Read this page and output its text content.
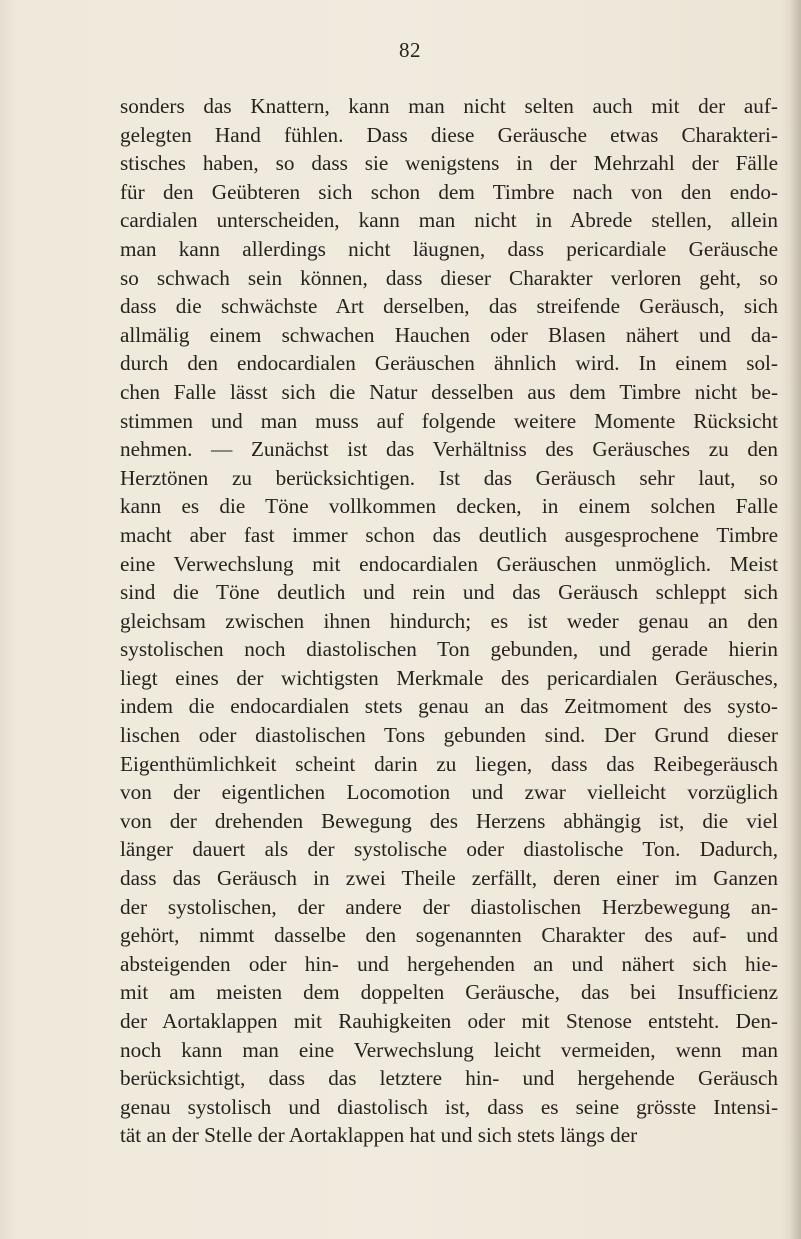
82
sonders das Knattern, kann man nicht selten auch mit der auf-
gelegten Hand fühlen. Dass diese Geräusche etwas Charakteri-
stisches haben, so dass sie wenigstens in der Mehrzahl der Fälle
für den Geübteren sich schon dem Timbre nach von den endo-
cardialen unterscheiden, kann man nicht in Abrede stellen, allein
man kann allerdings nicht läugnen, dass pericardiale Geräusche
so schwach sein können, dass dieser Charakter verloren geht, so
dass die schwächste Art derselben, das streifende Geräusch, sich
allmälig einem schwachen Hauchen oder Blasen nähert und da-
durch den endocardialen Geräuschen ähnlich wird. In einem sol-
chen Falle lässt sich die Natur desselben aus dem Timbre nicht be-
stimmen und man muss auf folgende weitere Momente Rücksicht
nehmen. — Zunächst ist das Verhältniss des Geräusches zu den
Herztönen zu berücksichtigen. Ist das Geräusch sehr laut, so
kann es die Töne vollkommen decken, in einem solchen Falle
macht aber fast immer schon das deutlich ausgesprochene Timbre
eine Verwechslung mit endocardialen Geräuschen unmöglich. Meist
sind die Töne deutlich und rein und das Geräusch schleppt sich
gleichsam zwischen ihnen hindurch; es ist weder genau an den
systolischen noch diastolischen Ton gebunden, und gerade hierin
liegt eines der wichtigsten Merkmale des pericardialen Geräusches,
indem die endocardialen stets genau an das Zeitmoment des systo-
lischen oder diastolischen Tons gebunden sind. Der Grund dieser
Eigenthümlichkeit scheint darin zu liegen, dass das Reibegeräusch
von der eigentlichen Locomotion und zwar vielleicht vorzüglich
von der drehenden Bewegung des Herzens abhängig ist, die viel
länger dauert als der systolische oder diastolische Ton. Dadurch,
dass das Geräusch in zwei Theile zerfällt, deren einer im Ganzen
der systolischen, der andere der diastolischen Herzbewegung an-
gehört, nimmt dasselbe den sogenannten Charakter des auf- und
absteigenden oder hin- und hergehenden an und nähert sich hie-
mit am meisten dem doppelten Geräusche, das bei Insufficienz
der Aortaklappen mit Rauhigkeiten oder mit Stenose entsteht. Den-
noch kann man eine Verwechslung leicht vermeiden, wenn man
berücksichtigt, dass das letztere hin- und hergehende Geräusch
genau systolisch und diastolisch ist, dass es seine grösste Intensi-
tät an der Stelle der Aortaklappen hat und sich stets längs der
